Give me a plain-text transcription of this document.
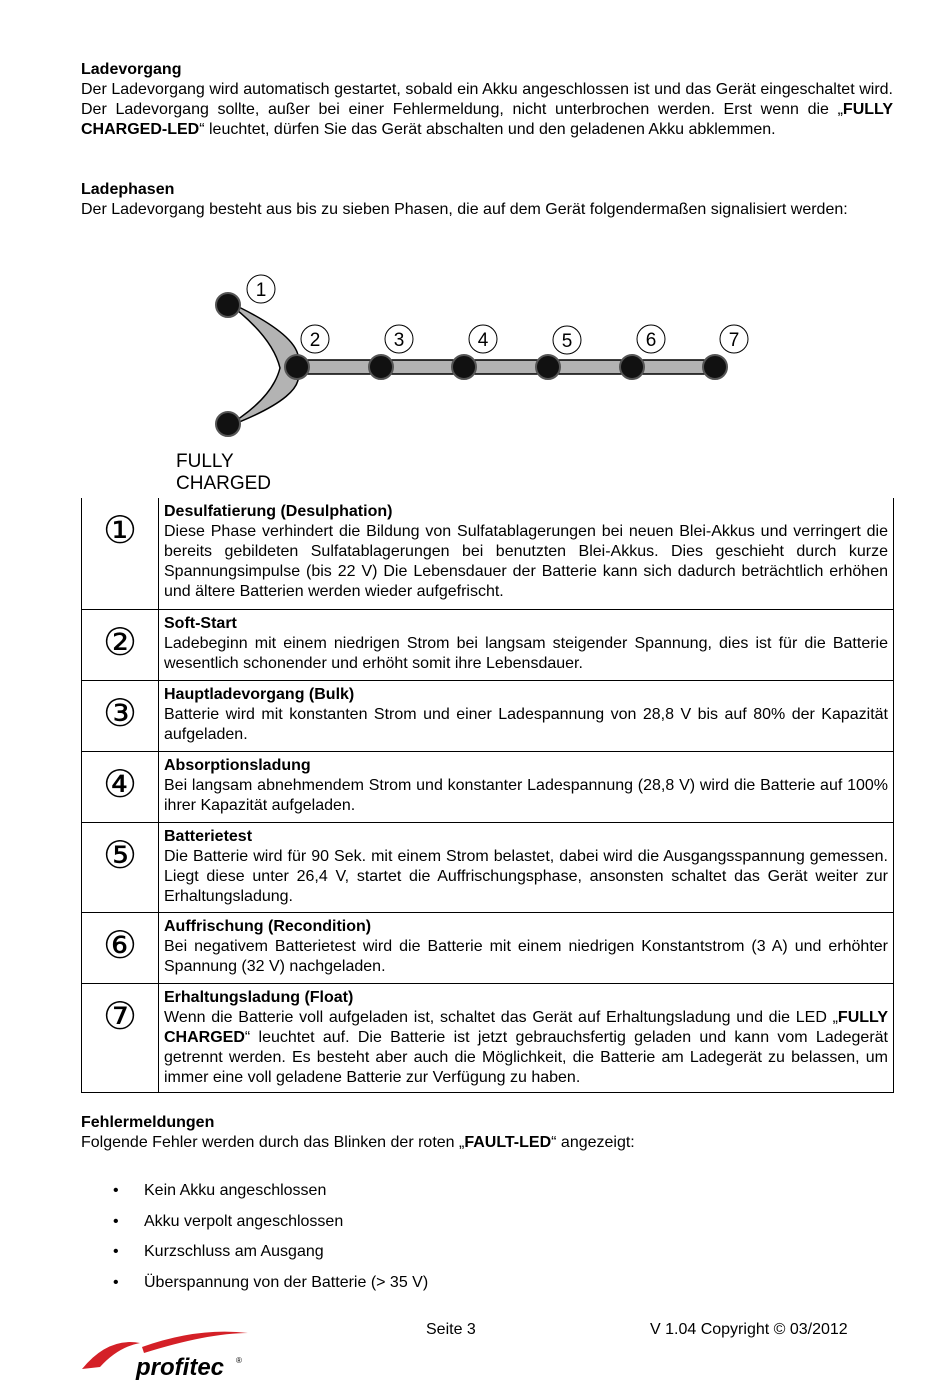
Ladevorgang
Der Ladevorgang wird automatisch gestartet, sobald ein Akku angeschlossen ist und das Gerät eingeschaltet wird. Der Ladevorgang sollte, außer bei einer Fehlermeldung, nicht unterbrochen werden. Erst wenn die „FULLY CHARGED-LED“ leuchtet, dürfen Sie das Gerät abschalten und den geladenen Akku abklemmen.
Ladephasen
Der Ladevorgang besteht aus bis zu sieben Phasen, die auf dem Gerät folgendermaßen signalisiert werden:
1
2	3	4	5	6	7
FULLY
CHARGED
①	Desulfatierung (Desulphation)
Diese Phase verhindert die Bildung von Sulfatablagerungen bei neuen Blei-Akkus und verringert die bereits gebildeten Sulfatablagerungen bei benutzten Blei-Akkus. Dies geschieht durch kurze Spannungsimpulse (bis 22 V) Die Lebensdauer der Batterie kann sich dadurch beträchtlich erhöhen und ältere Batterien werden wieder aufgefrischt.

②	Soft-Start
Ladebeginn mit einem niedrigen Strom bei langsam steigender Spannung, dies ist für die Batterie wesentlich schonender und erhöht somit ihre Lebensdauer.

③	Hauptladevorgang (Bulk)
Batterie wird mit konstanten Strom und einer Ladespannung von 28,8 V bis auf 80% der Kapazität aufgeladen.

④	Absorptionsladung
Bei langsam abnehmendem Strom und konstanter Ladespannung (28,8 V) wird die Batterie auf 100% ihrer Kapazität aufgeladen.

⑤	Batterietest
Die Batterie wird für 90 Sek. mit einem Strom belastet, dabei wird die Ausgangsspannung gemessen. Liegt diese unter 26,4 V, startet die Auffrischungsphase, ansonsten schaltet das Gerät weiter zur Erhaltungsladung.

⑥	Auffrischung (Recondition)
Bei negativem Batterietest wird die Batterie mit einem niedrigen Konstantstrom (3 A) und erhöhter Spannung (32 V) nachgeladen.

⑦	Erhaltungsladung (Float)
Wenn die Batterie voll aufgeladen ist, schaltet das Gerät auf Erhaltungsladung und die LED „FULLY CHARGED“ leuchtet auf. Die Batterie ist jetzt gebrauchsfertig geladen und kann vom Ladegerät getrennt werden. Es besteht aber auch die Möglichkeit, die Batterie am Ladegerät zu belassen, um immer eine voll geladene Batterie zur Verfügung zu haben.
Fehlermeldungen
Folgende Fehler werden durch das Blinken der roten „FAULT-LED“ angezeigt:
• Kein Akku angeschlossen
• Akku verpolt angeschlossen
• Kurzschluss am Ausgang
• Überspannung von der Batterie (> 35 V)
profitec ®
Seite 3	V 1.04 Copyright © 03/2012
